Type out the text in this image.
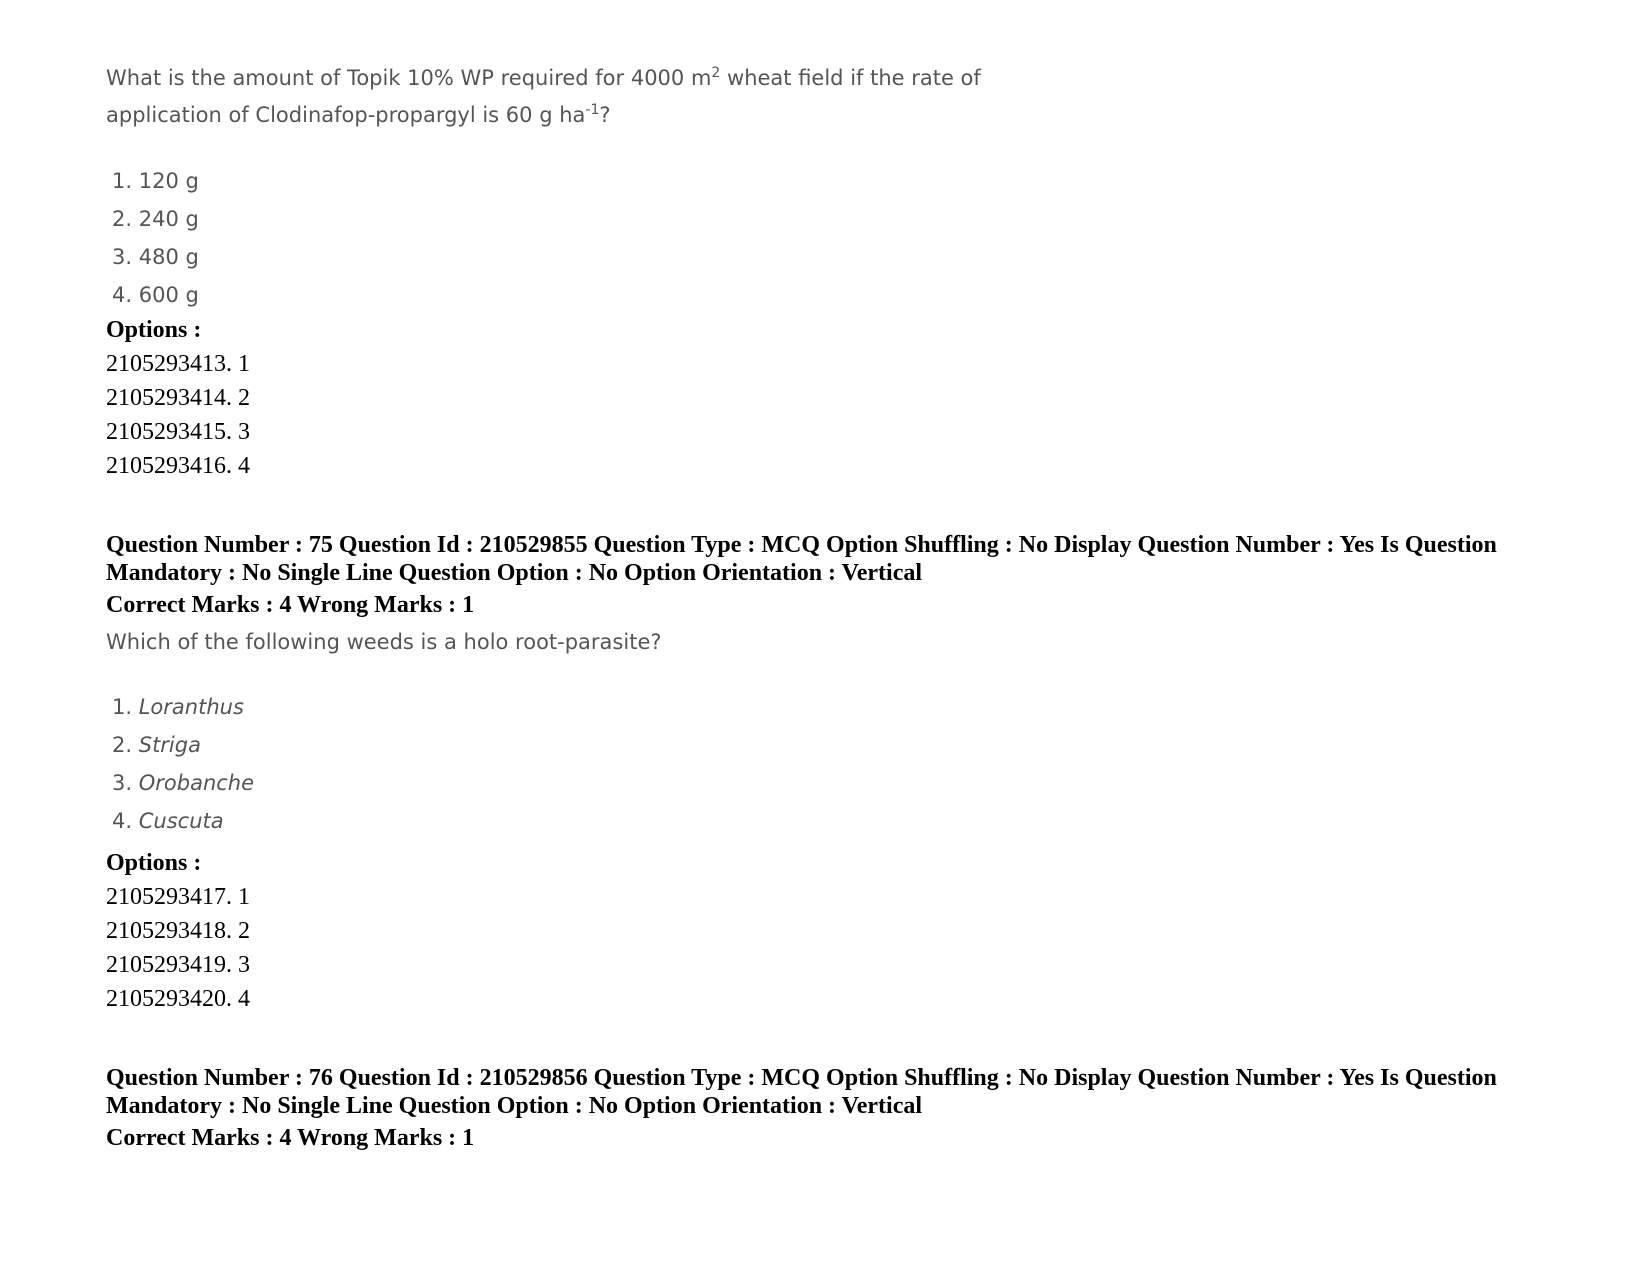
What is the amount of Topik 10% WP required for 4000 $m^2$ wheat field if the rate of
application of Clodinafop-propargyl is 60 g $ha^{-1}$?

1. 120 g
2. 240 g
3. 480 g
4. 600 g

Options :

2105293413. 1
2105293414. 2
2105293415. 3
2105293416. 4

Question Number : 75 Question Id : 210529855 Question Type : MCQ Option Shuffling : No Display Question Number : Yes Is Question Mandatory : No Single Line Question Option : No Option Orientation : Vertical

Correct Marks : 4 Wrong Marks : 1

Which of the following weeds is a holo root-parasite?

1. Loranthus
2. Striga
3. Orobanche
4. Cuscuta

Options :

2105293417. 1
2105293418. 2
2105293419. 3
2105293420. 4

Question Number : 76 Question Id : 210529856 Question Type : MCQ Option Shuffling : No Display Question Number : Yes Is Question Mandatory : No Single Line Question Option : No Option Orientation : Vertical

Correct Marks : 4 Wrong Marks : 1
